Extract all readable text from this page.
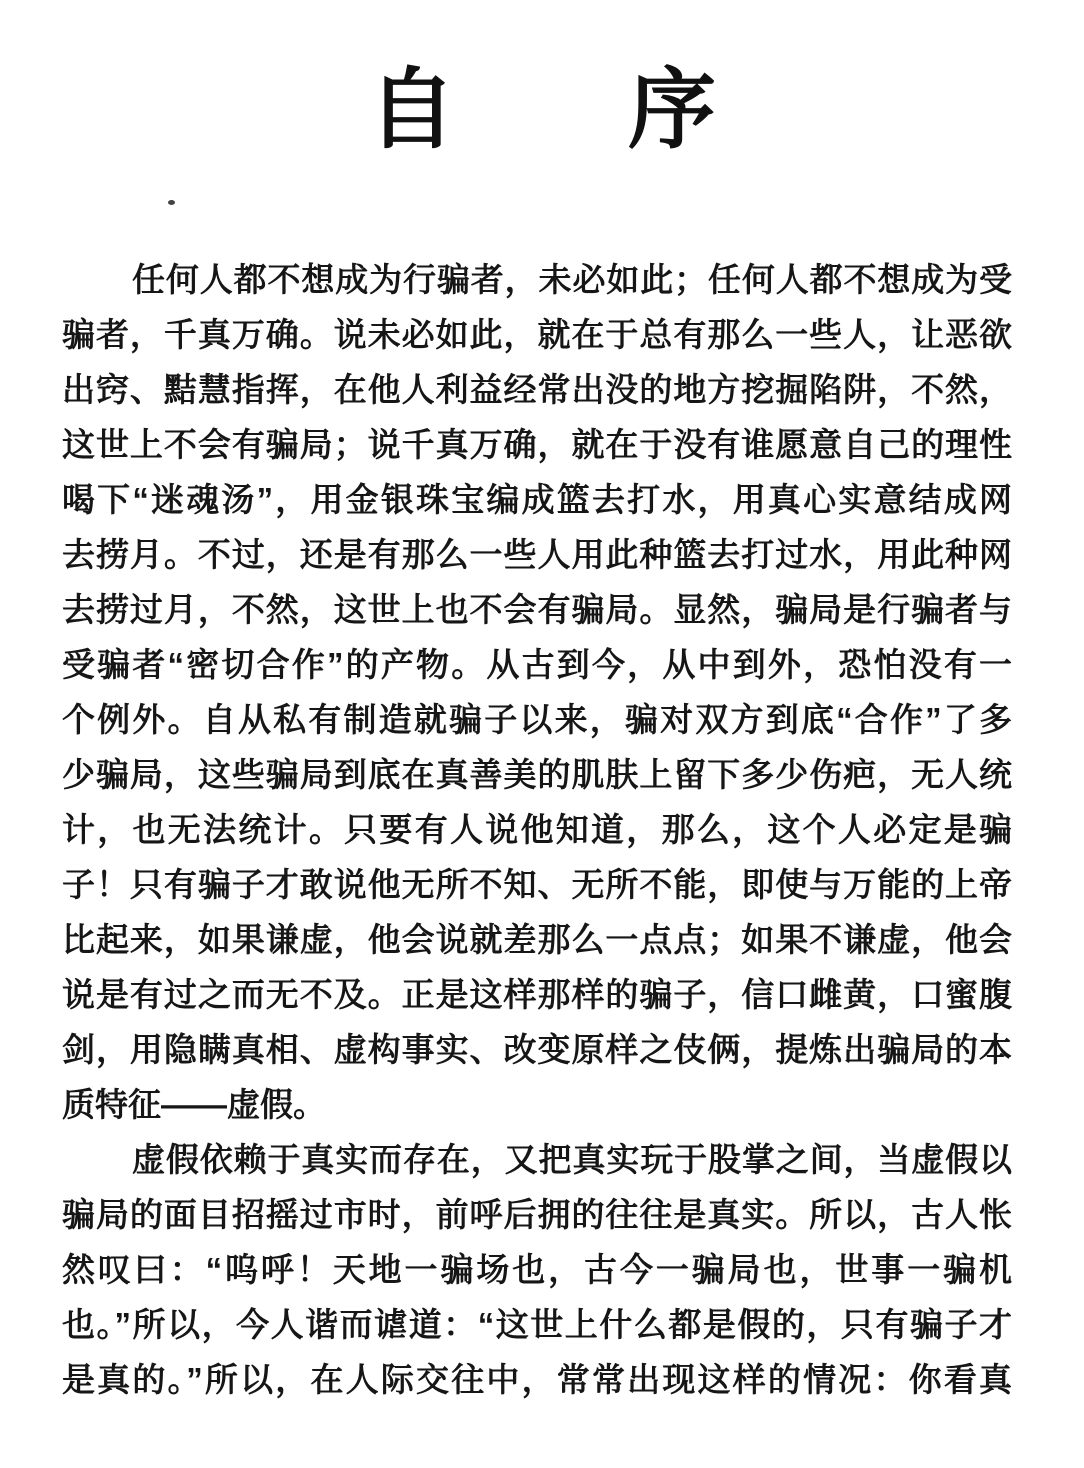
自 序
任何人都不想成为行骗者，未必如此；任何人都不想成为受
骗者，千真万确。说未必如此，就在于总有那么一些人，让恶欲
出窍、黠慧指挥，在他人利益经常出没的地方挖掘陷阱，不然，
这世上不会有骗局；说千真万确，就在于没有谁愿意自己的理性
喝下“迷魂汤”，用金银珠宝编成篮去打水，用真心实意结成网
去捞月。不过，还是有那么一些人用此种篮去打过水，用此种网
去捞过月，不然，这世上也不会有骗局。显然，骗局是行骗者与
受骗者“密切合作”的产物。从古到今，从中到外，恐怕没有一
个例外。自从私有制造就骗子以来，骗对双方到底“合作”了多
少骗局，这些骗局到底在真善美的肌肤上留下多少伤疤，无人统
计，也无法统计。只要有人说他知道，那么，这个人必定是骗
子！只有骗子才敢说他无所不知、无所不能，即使与万能的上帝
比起来，如果谦虚，他会说就差那么一点点；如果不谦虚，他会
说是有过之而无不及。正是这样那样的骗子，信口雌黄，口蜜腹
剑，用隐瞒真相、虚构事实、改变原样之伎俩，提炼出骗局的本
质特征——虚假。
虚假依赖于真实而存在，又把真实玩于股掌之间，当虚假以
骗局的面目招摇过市时，前呼后拥的往往是真实。所以，古人怅
然叹曰：“呜呼！天地一骗场也，古今一骗局也，世事一骗机
也。”所以，今人谐而谑道：“这世上什么都是假的，只有骗子才
是真的。”所以，在人际交往中，常常出现这样的情况：你看真
